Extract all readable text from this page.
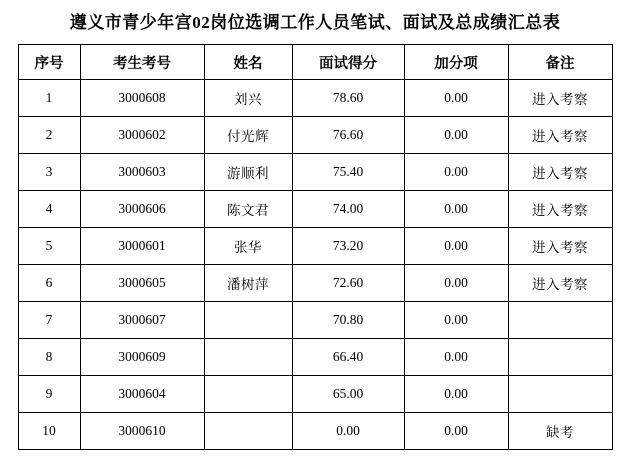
遵义市青少年宫02岗位选调工作人员笔试、面试及总成绩汇总表
序号	考生考号	姓名	面试得分	加分项	备注
1	3000608	刘兴	78.60	0.00	进入考察
2	3000602	付光辉	76.60	0.00	进入考察
3	3000603	游顺利	75.40	0.00	进入考察
4	3000606	陈文君	74.00	0.00	进入考察
5	3000601	张华	73.20	0.00	进入考察
6	3000605	潘树萍	72.60	0.00	进入考察
7	3000607		70.80	0.00	
8	3000609		66.40	0.00	
9	3000604		65.00	0.00	
10	3000610		0.00	0.00	缺考
